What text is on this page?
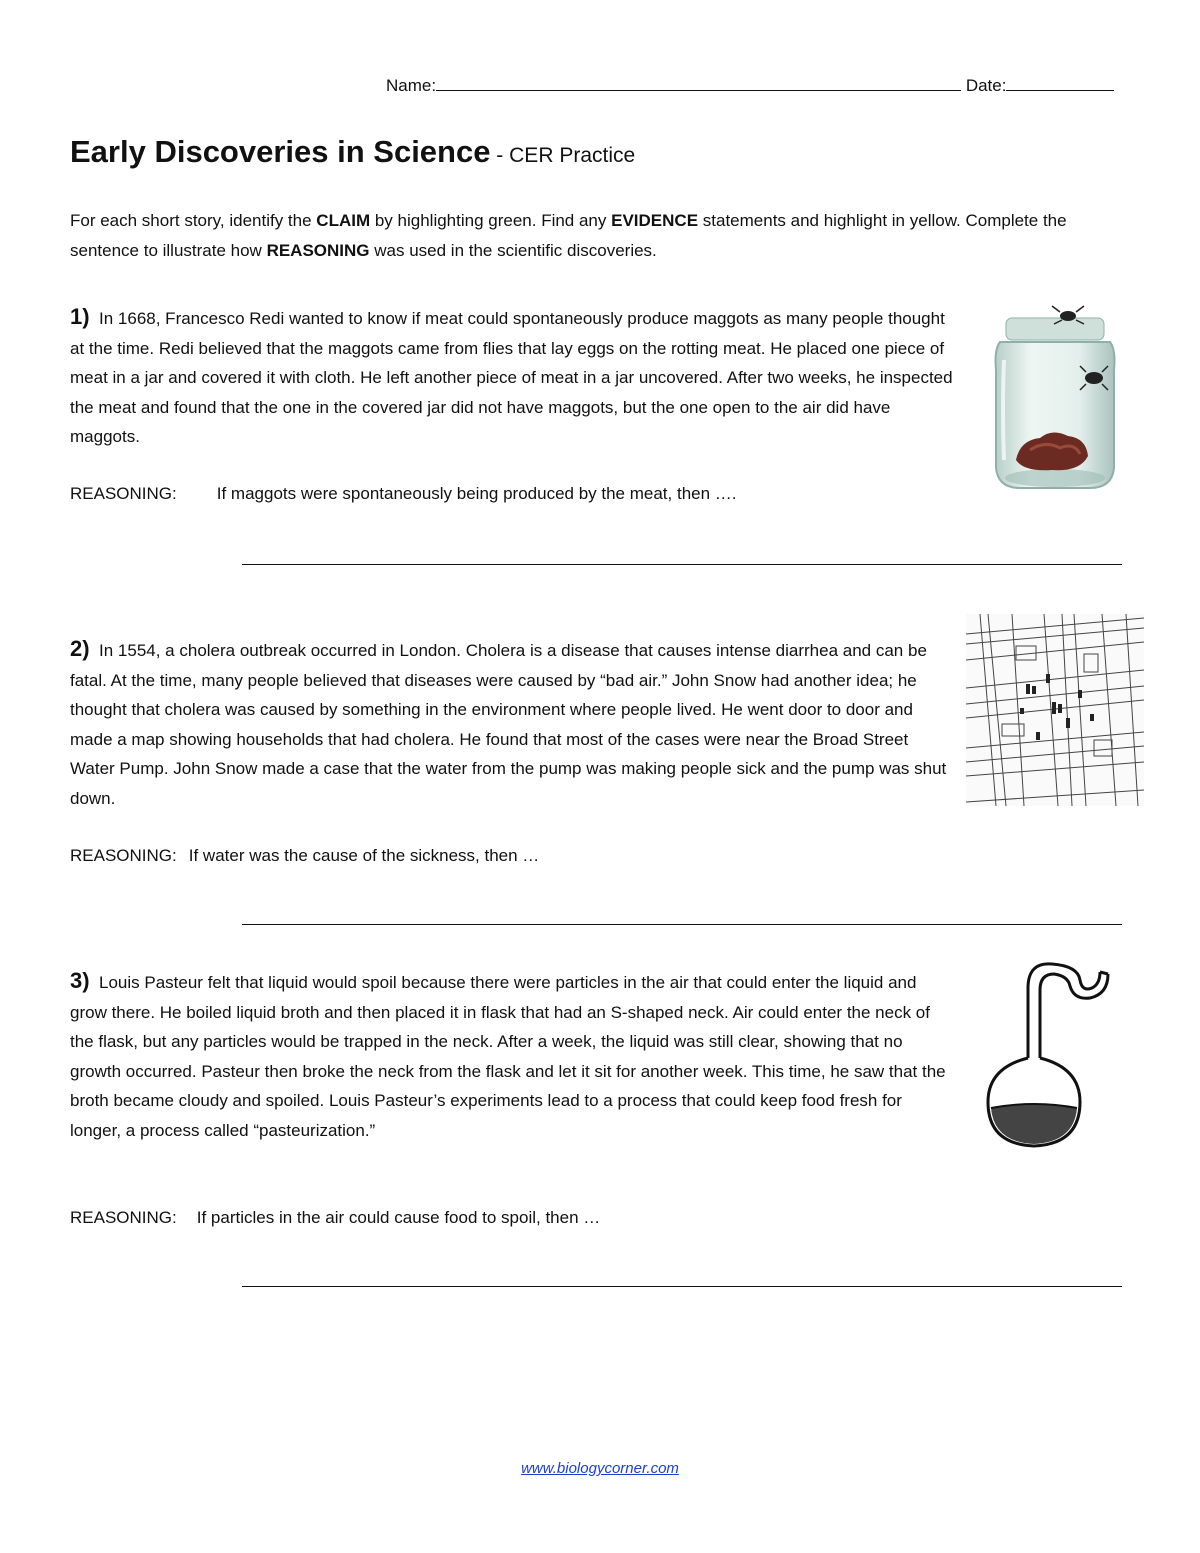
Name:	Date:
Early Discoveries in Science - CER Practice
For each short story, identify the CLAIM by highlighting green. Find any EVIDENCE statements and highlight in yellow. Complete the sentence to illustrate how REASONING was used in the scientific discoveries.
1) In 1668, Francesco Redi wanted to know if meat could spontaneously produce maggots as many people thought at the time. Redi believed that the maggots came from flies that lay eggs on the rotting meat. He placed one piece of meat in a jar and covered it with cloth. He left another piece of meat in a jar uncovered. After two weeks, he inspected the meat and found that the one in the covered jar did not have maggots, but the one open to the air did have maggots.
REASONING: If maggots were spontaneously being produced by the meat, then ….
2) In 1554, a cholera outbreak occurred in London. Cholera is a disease that causes intense diarrhea and can be fatal. At the time, many people believed that diseases were caused by “bad air.” John Snow had another idea; he thought that cholera was caused by something in the environment where people lived. He went door to door and made a map showing households that had cholera. He found that most of the cases were near the Broad Street Water Pump. John Snow made a case that the water from the pump was making people sick and the pump was shut down.
REASONING: If water was the cause of the sickness, then …
3) Louis Pasteur felt that liquid would spoil because there were particles in the air that could enter the liquid and grow there. He boiled liquid broth and then placed it in flask that had an S-shaped neck. Air could enter the neck of the flask, but any particles would be trapped in the neck. After a week, the liquid was still clear, showing that no growth occurred. Pasteur then broke the neck from the flask and let it sit for another week. This time, he saw that the broth became cloudy and spoiled. Louis Pasteur’s experiments lead to a process that could keep food fresh for longer, a process called “pasteurization.”
REASONING: If particles in the air could cause food to spoil, then …
www.biologycorner.com
